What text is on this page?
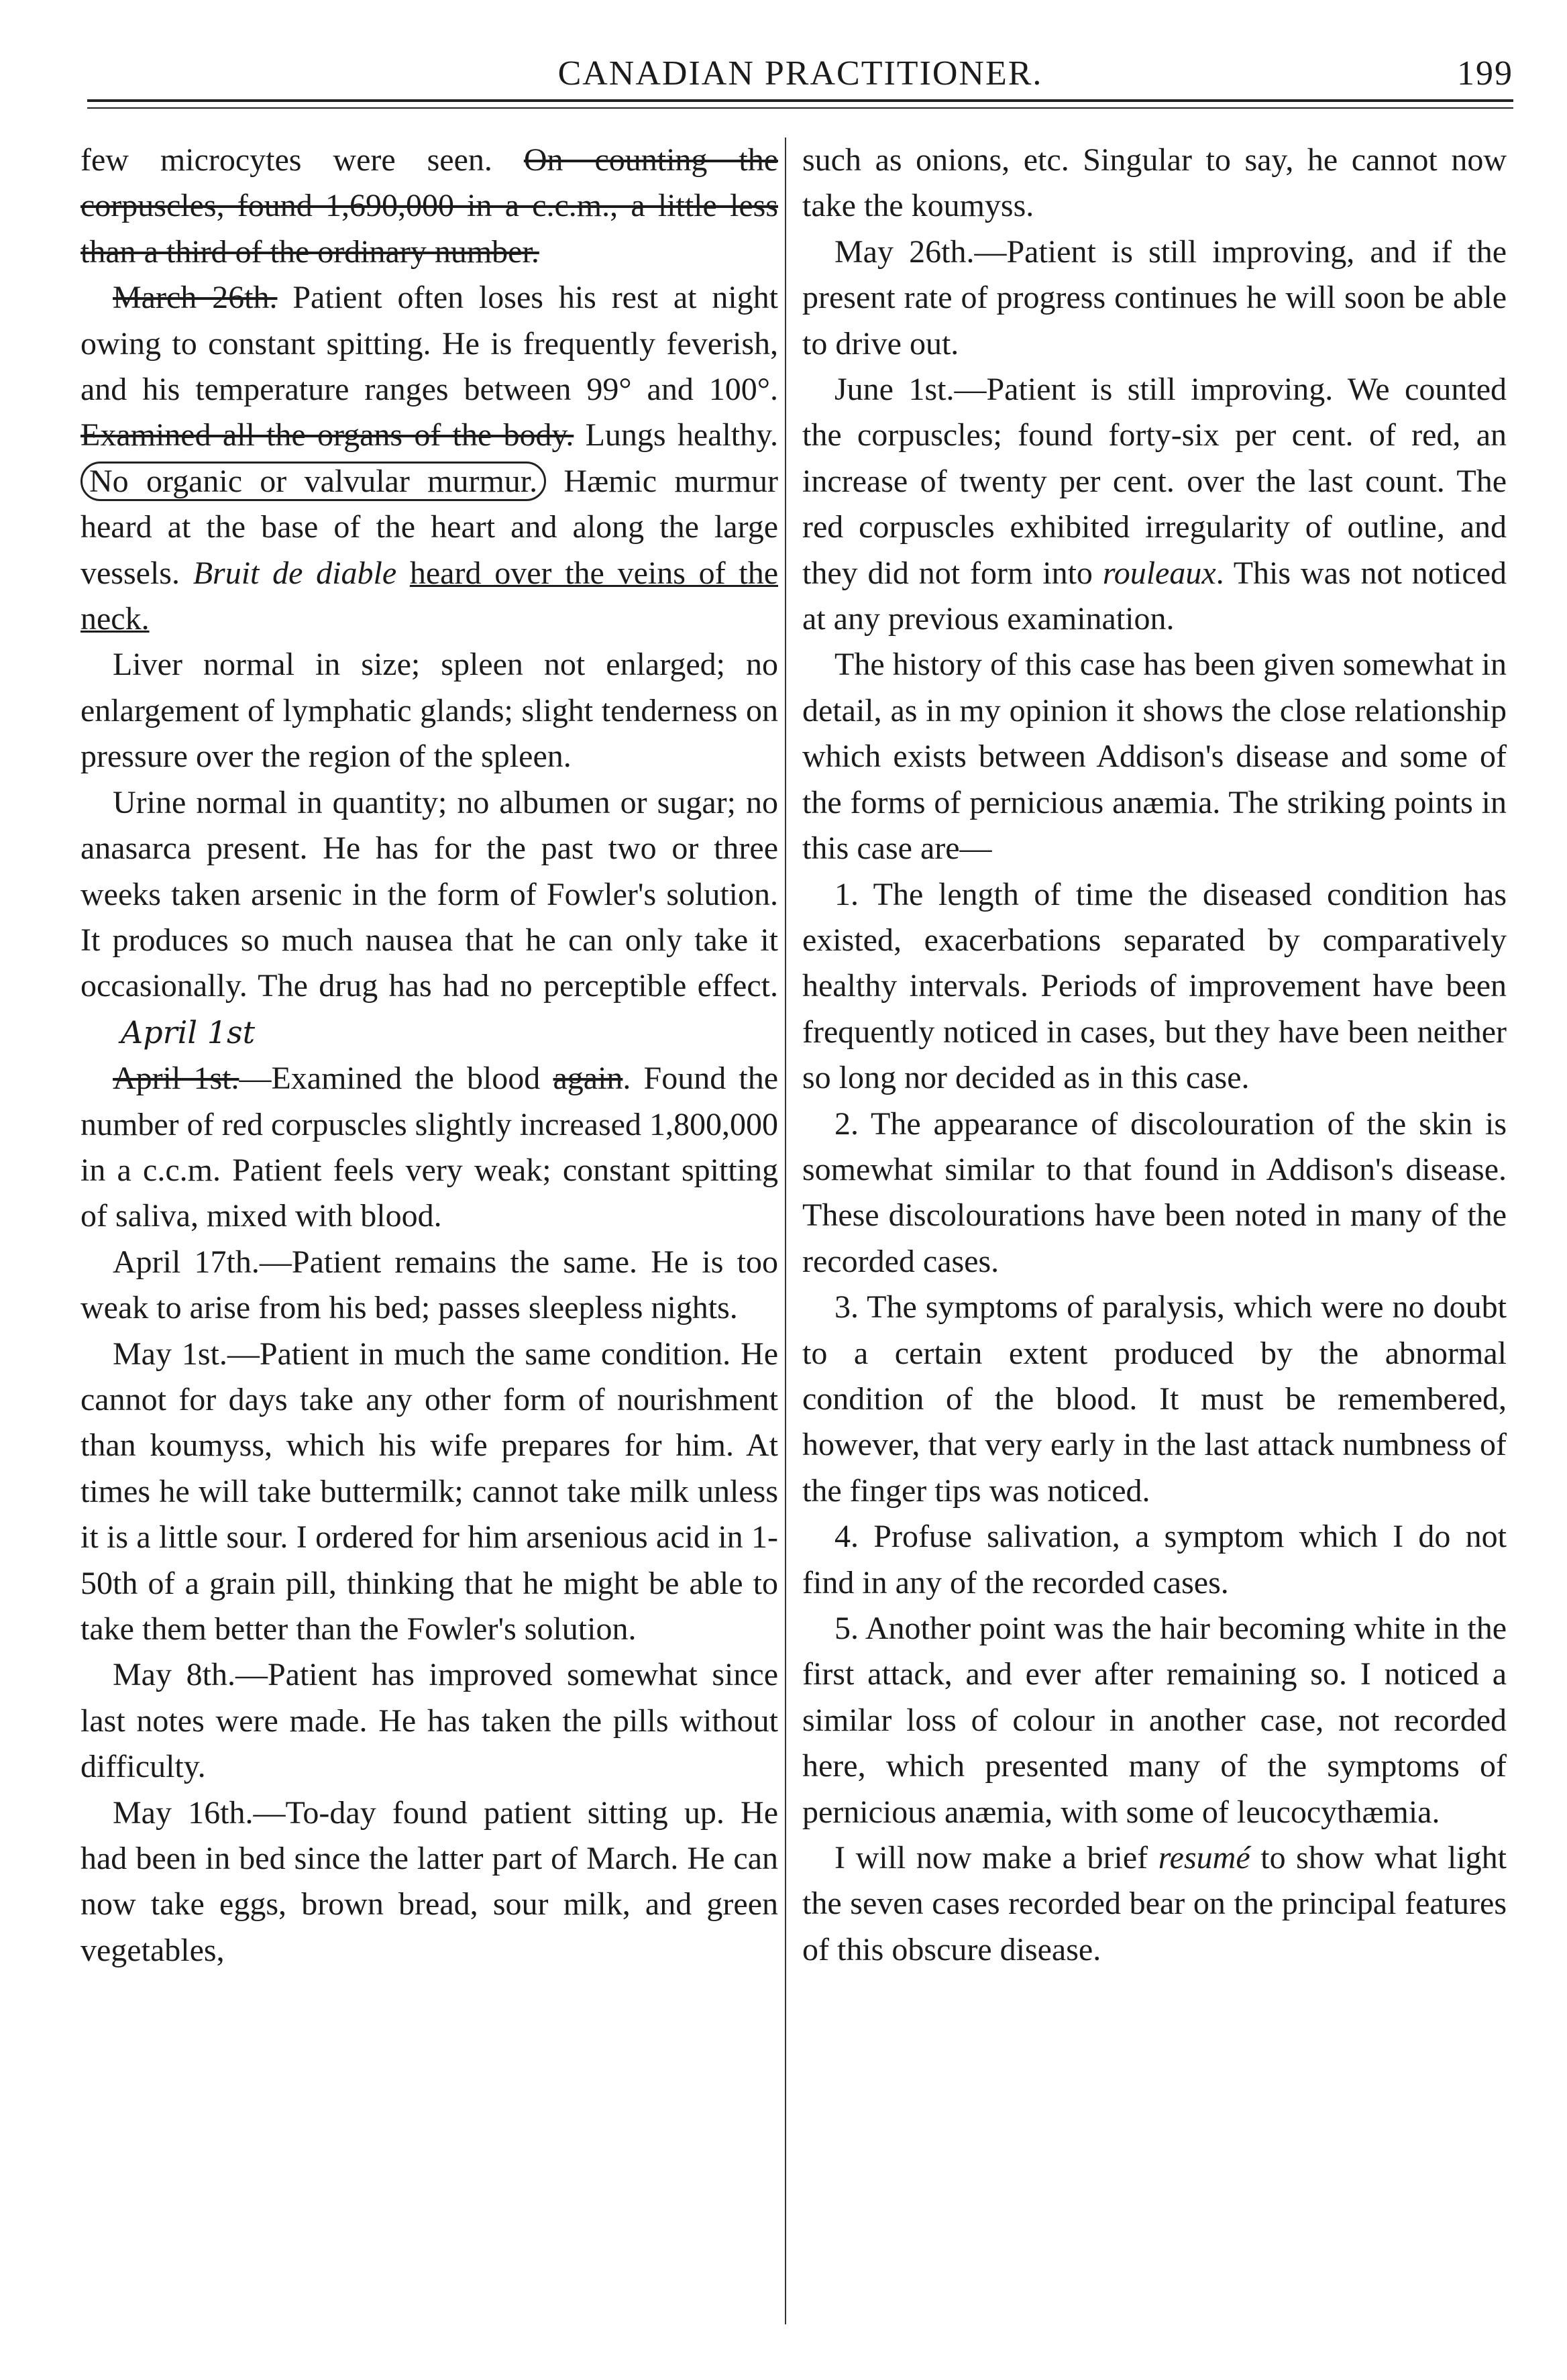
CANADIAN PRACTITIONER.	199

few microcytes were seen. On counting the corpuscles, found 1,690,000 in a c.c.m., a little less than a third of the ordinary number.

March 26th. Patient often loses his rest at night owing to constant spitting. He is frequently feverish, and his temperature ranges between 99° and 100°. Examined all the organs of the body. Lungs healthy. No organic or valvular murmur. Hæmic murmur heard at the base of the heart and along the large vessels. Bruit de diable heard over the veins of the neck.

Liver normal in size; spleen not enlarged; no enlargement of lymphatic glands; slight tenderness on pressure over the region of the spleen.

Urine normal in quantity; no albumen or sugar; no anasarca present. He has for the past two or three weeks taken arsenic in the form of Fowler's solution. It produces so much nausea that he can only take it occasionally. The drug has had no perceptible effect. April 1st

April 1st.—Examined the blood again. Found the number of red corpuscles slightly increased 1,800,000 in a c.c.m. Patient feels very weak; constant spitting of saliva, mixed with blood.

April 17th.—Patient remains the same. He is too weak to arise from his bed; passes sleepless nights.

May 1st.—Patient in much the same condition. He cannot for days take any other form of nourishment than koumyss, which his wife prepares for him. At times he will take buttermilk; cannot take milk unless it is a little sour. I ordered for him arsenious acid in 1-50th of a grain pill, thinking that he might be able to take them better than the Fowler's solution.

May 8th.—Patient has improved somewhat since last notes were made. He has taken the pills without difficulty.

May 16th.—To-day found patient sitting up. He had been in bed since the latter part of March. He can now take eggs, brown bread, sour milk, and green vegetables,

such as onions, etc. Singular to say, he cannot now take the koumyss.

May 26th.—Patient is still improving, and if the present rate of progress continues he will soon be able to drive out.

June 1st.—Patient is still improving. We counted the corpuscles; found forty-six per cent. of red, an increase of twenty per cent. over the last count. The red corpuscles exhibited irregularity of outline, and they did not form into rouleaux. This was not noticed at any previous examination.

The history of this case has been given somewhat in detail, as in my opinion it shows the close relationship which exists between Addison's disease and some of the forms of pernicious anæmia. The striking points in this case are—

1. The length of time the diseased condition has existed, exacerbations separated by comparatively healthy intervals. Periods of improvement have been frequently noticed in cases, but they have been neither so long nor decided as in this case.

2. The appearance of discolouration of the skin is somewhat similar to that found in Addison's disease. These discolourations have been noted in many of the recorded cases.

3. The symptoms of paralysis, which were no doubt to a certain extent produced by the abnormal condition of the blood. It must be remembered, however, that very early in the last attack numbness of the finger tips was noticed.

4. Profuse salivation, a symptom which I do not find in any of the recorded cases.

5. Another point was the hair becoming white in the first attack, and ever after remaining so. I noticed a similar loss of colour in another case, not recorded here, which presented many of the symptoms of pernicious anæmia, with some of leucocythæmia.

I will now make a brief resumé to show what light the seven cases recorded bear on the principal features of this obscure disease.
